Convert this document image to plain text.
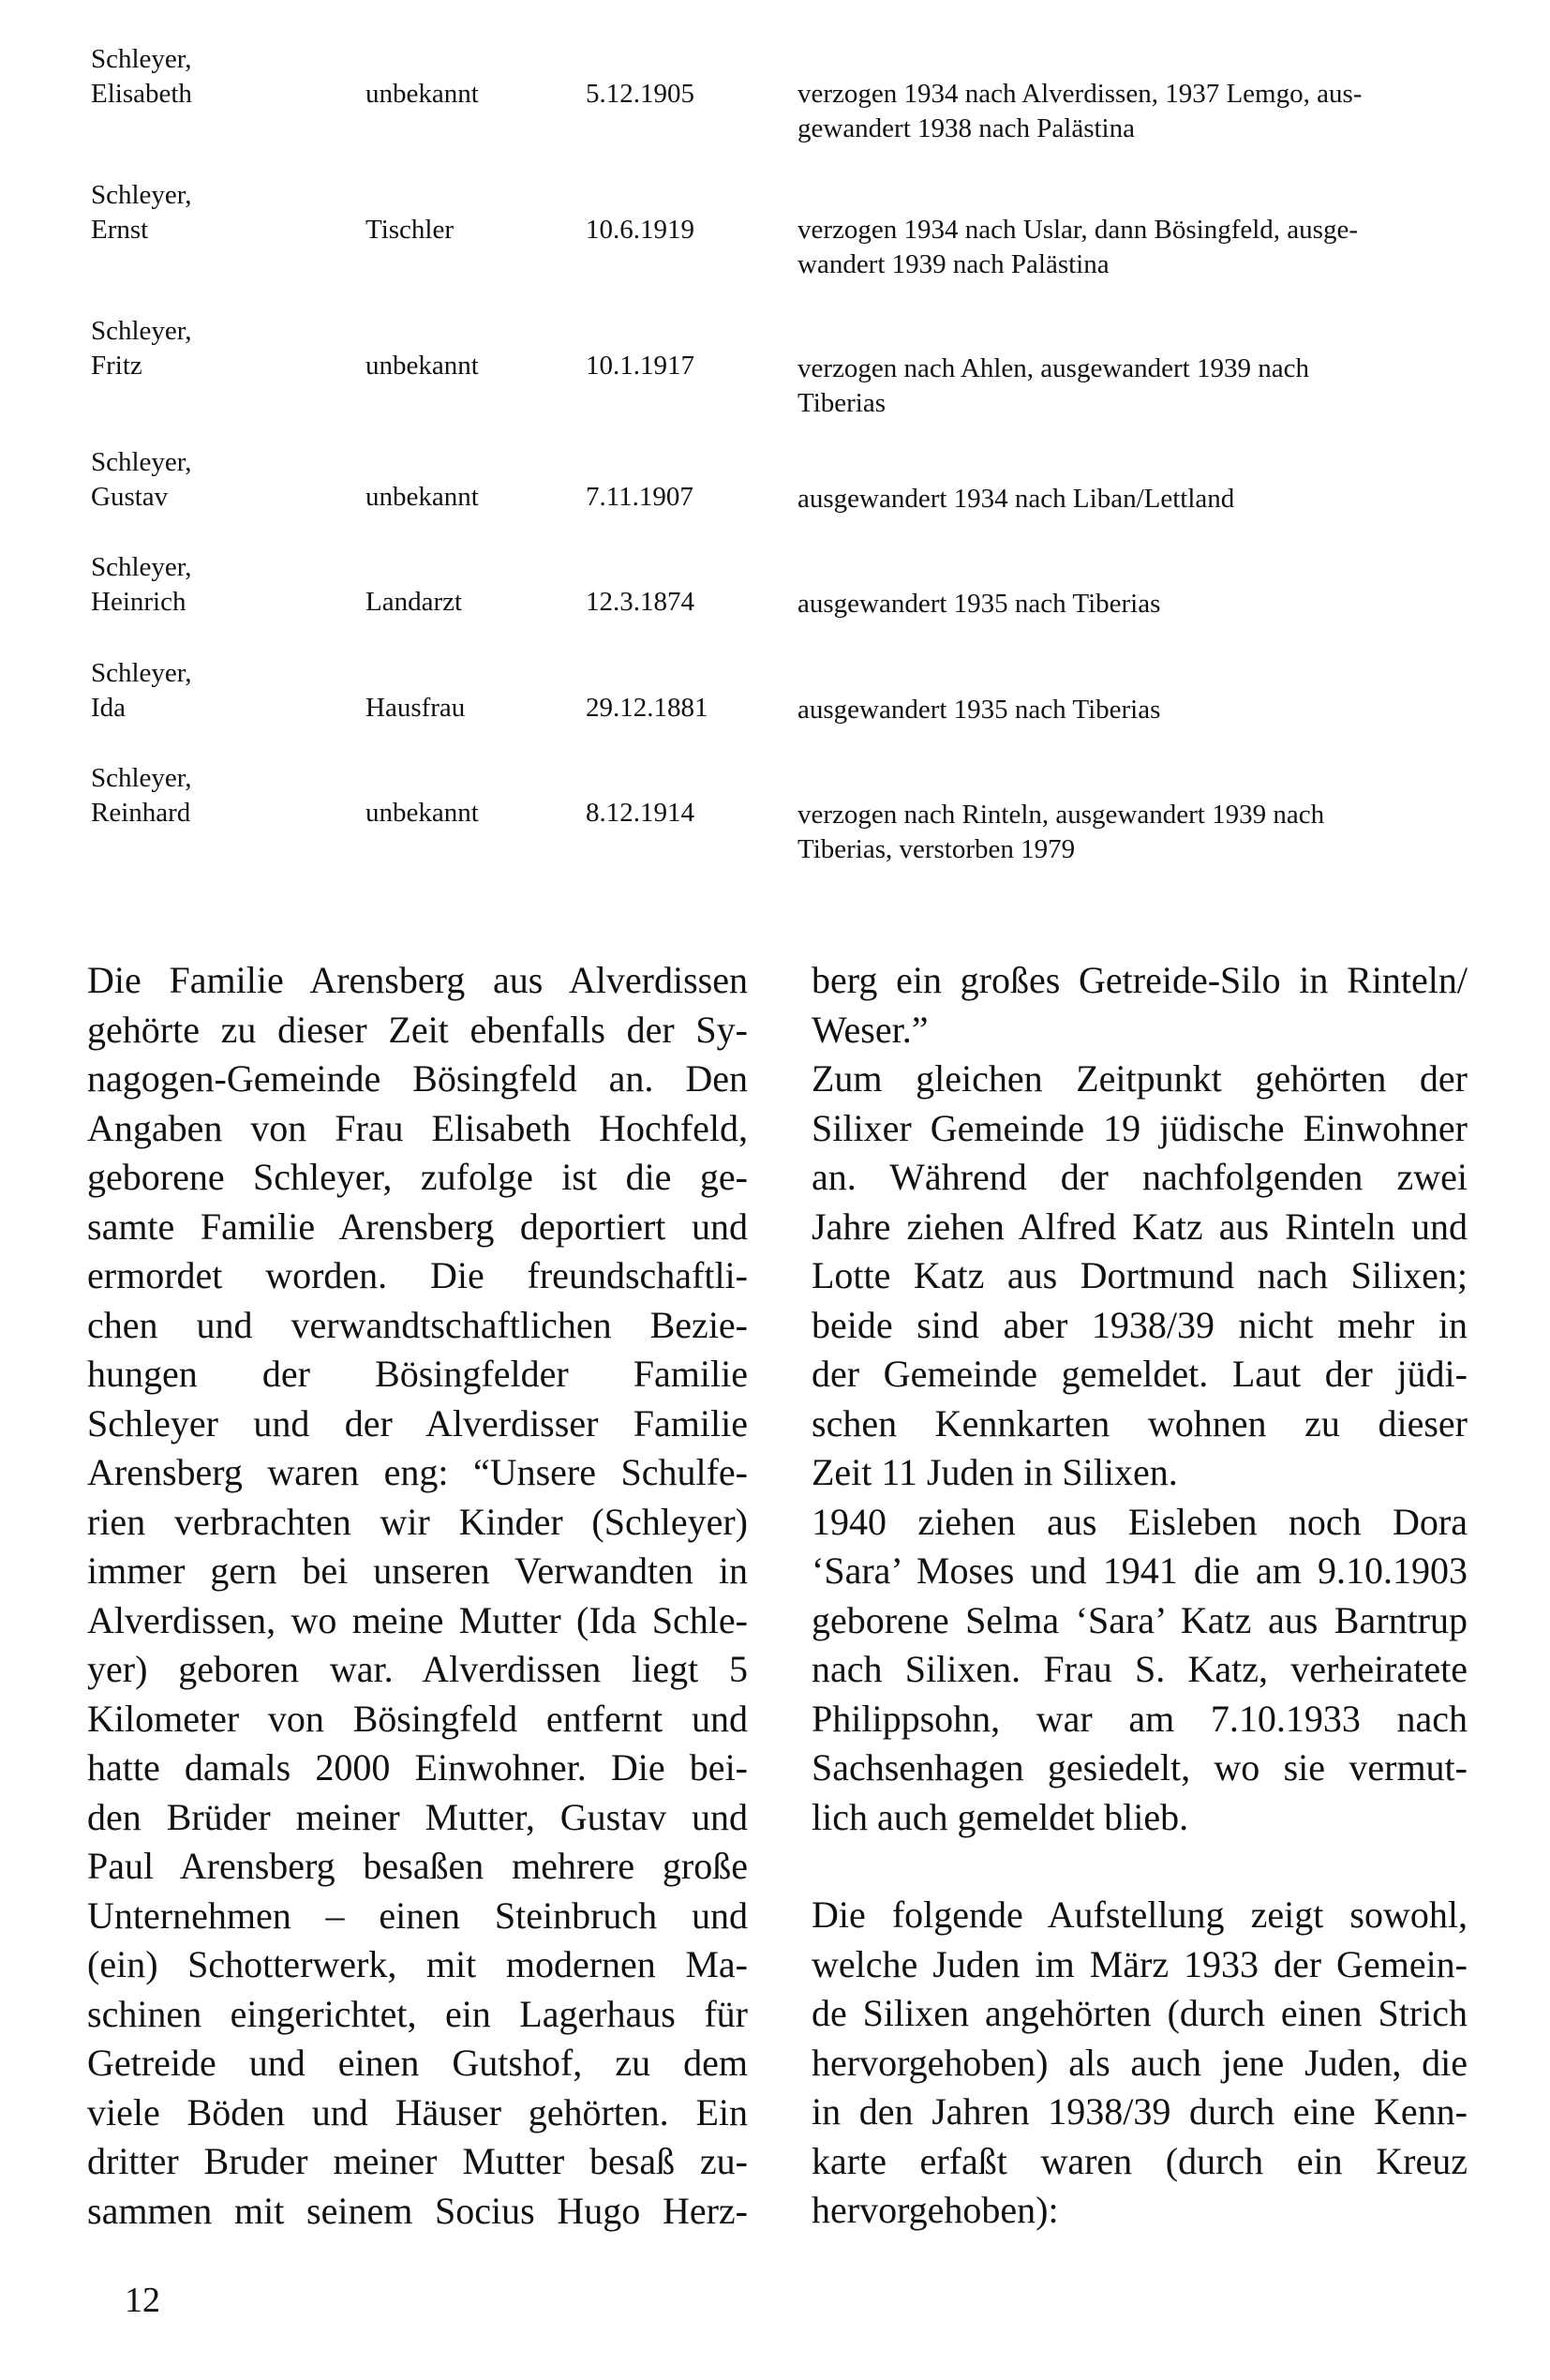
Schleyer,
Elisabeth	unbekannt	5.12.1905	verzogen 1934 nach Alverdissen, 1937 Lemgo, aus-
gewandert 1938 nach Palästina
Schleyer,
Ernst	Tischler	10.6.1919	verzogen 1934 nach Uslar, dann Bösingfeld, ausge-
wandert 1939 nach Palästina
Schleyer,
Fritz	unbekannt	10.1.1917	verzogen nach Ahlen, ausgewandert 1939 nach
Tiberias
Schleyer,
Gustav	unbekannt	7.11.1907	ausgewandert 1934 nach Liban/Lettland
Schleyer,
Heinrich	Landarzt	12.3.1874	ausgewandert 1935 nach Tiberias
Schleyer,
Ida	Hausfrau	29.12.1881	ausgewandert 1935 nach Tiberias
Schleyer,
Reinhard	unbekannt	8.12.1914	verzogen nach Rinteln, ausgewandert 1939 nach
Tiberias, verstorben 1979
Die Familie Arensberg aus Alverdissen
gehörte zu dieser Zeit ebenfalls der Sy-
nagogen-Gemeinde Bösingfeld an. Den
Angaben von Frau Elisabeth Hochfeld,
geborene Schleyer, zufolge ist die ge-
samte Familie Arensberg deportiert und
ermordet worden. Die freundschaftli-
chen und verwandtschaftlichen Bezie-
hungen der Bösingfelder Familie
Schleyer und der Alverdisser Familie
Arensberg waren eng: “Unsere Schulfe-
rien verbrachten wir Kinder (Schleyer)
immer gern bei unseren Verwandten in
Alverdissen, wo meine Mutter (Ida Schle-
yer) geboren war. Alverdissen liegt 5
Kilometer von Bösingfeld entfernt und
hatte damals 2000 Einwohner. Die bei-
den Brüder meiner Mutter, Gustav und
Paul Arensberg besaßen mehrere große
Unternehmen – einen Steinbruch und
(ein) Schotterwerk, mit modernen Ma-
schinen eingerichtet, ein Lagerhaus für
Getreide und einen Gutshof, zu dem
viele Böden und Häuser gehörten. Ein
dritter Bruder meiner Mutter besaß zu-
sammen mit seinem Socius Hugo Herz-
berg ein großes Getreide-Silo in Rinteln/
Weser.”
Zum gleichen Zeitpunkt gehörten der
Silixer Gemeinde 19 jüdische Einwohner
an. Während der nachfolgenden zwei
Jahre ziehen Alfred Katz aus Rinteln und
Lotte Katz aus Dortmund nach Silixen;
beide sind aber 1938/39 nicht mehr in
der Gemeinde gemeldet. Laut der jüdi-
schen Kennkarten wohnen zu dieser
Zeit 11 Juden in Silixen.
1940 ziehen aus Eisleben noch Dora
‘Sara’ Moses und 1941 die am 9.10.1903
geborene Selma ‘Sara’ Katz aus Barntrup
nach Silixen. Frau S. Katz, verheiratete
Philippsohn, war am 7.10.1933 nach
Sachsenhagen gesiedelt, wo sie vermut-
lich auch gemeldet blieb.
Die folgende Aufstellung zeigt sowohl,
welche Juden im März 1933 der Gemein-
de Silixen angehörten (durch einen Strich
hervorgehoben) als auch jene Juden, die
in den Jahren 1938/39 durch eine Kenn-
karte erfaßt waren (durch ein Kreuz
hervorgehoben):
12
